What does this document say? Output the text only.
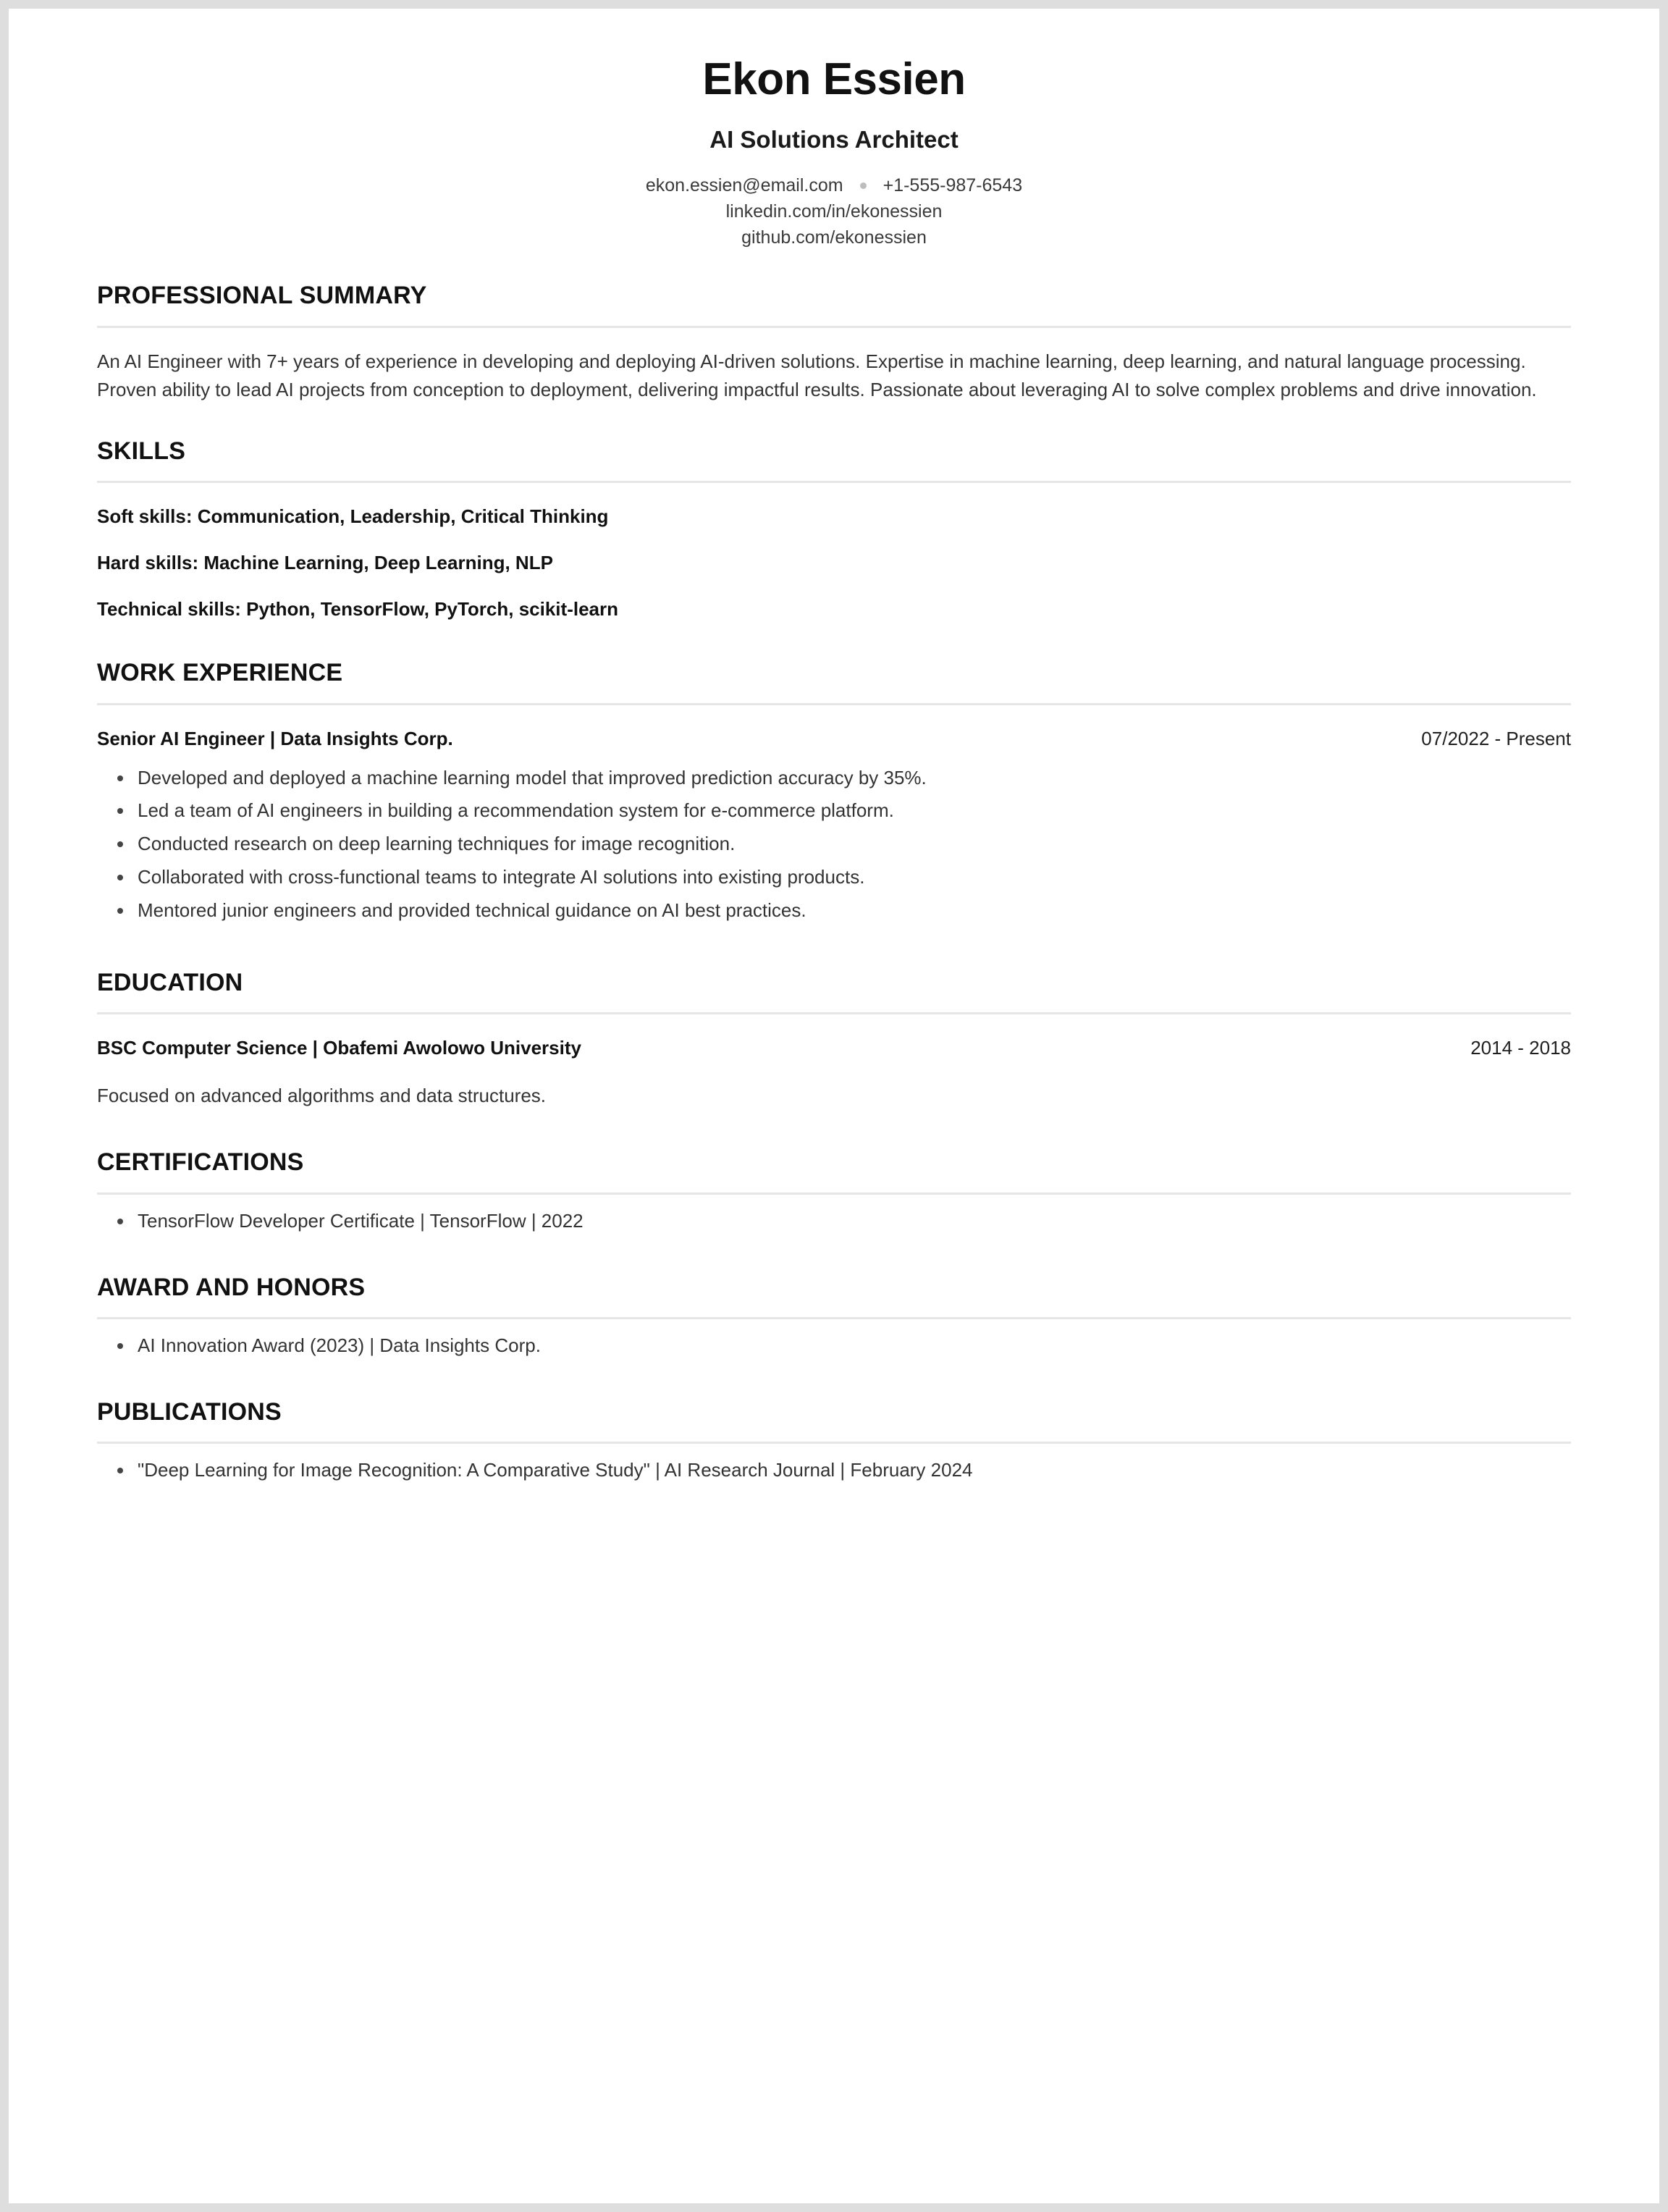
Ekon Essien
AI Solutions Architect
ekon.essien@email.com +1-555-987-6543
linkedin.com/in/ekonessien
github.com/ekonessien
PROFESSIONAL SUMMARY
An AI Engineer with 7+ years of experience in developing and deploying AI-driven solutions. Expertise in machine learning, deep learning, and natural language processing. Proven ability to lead AI projects from conception to deployment, delivering impactful results. Passionate about leveraging AI to solve complex problems and drive innovation.
SKILLS
Soft skills: Communication, Leadership, Critical Thinking
Hard skills: Machine Learning, Deep Learning, NLP
Technical skills: Python, TensorFlow, PyTorch, scikit-learn
WORK EXPERIENCE
Senior AI Engineer | Data Insights Corp.	07/2022 - Present
Developed and deployed a machine learning model that improved prediction accuracy by 35%.
Led a team of AI engineers in building a recommendation system for e-commerce platform.
Conducted research on deep learning techniques for image recognition.
Collaborated with cross-functional teams to integrate AI solutions into existing products.
Mentored junior engineers and provided technical guidance on AI best practices.
EDUCATION
BSC Computer Science | Obafemi Awolowo University	2014 - 2018
Focused on advanced algorithms and data structures.
CERTIFICATIONS
TensorFlow Developer Certificate | TensorFlow | 2022
AWARD AND HONORS
AI Innovation Award (2023) | Data Insights Corp.
PUBLICATIONS
"Deep Learning for Image Recognition: A Comparative Study" | AI Research Journal | February 2024
